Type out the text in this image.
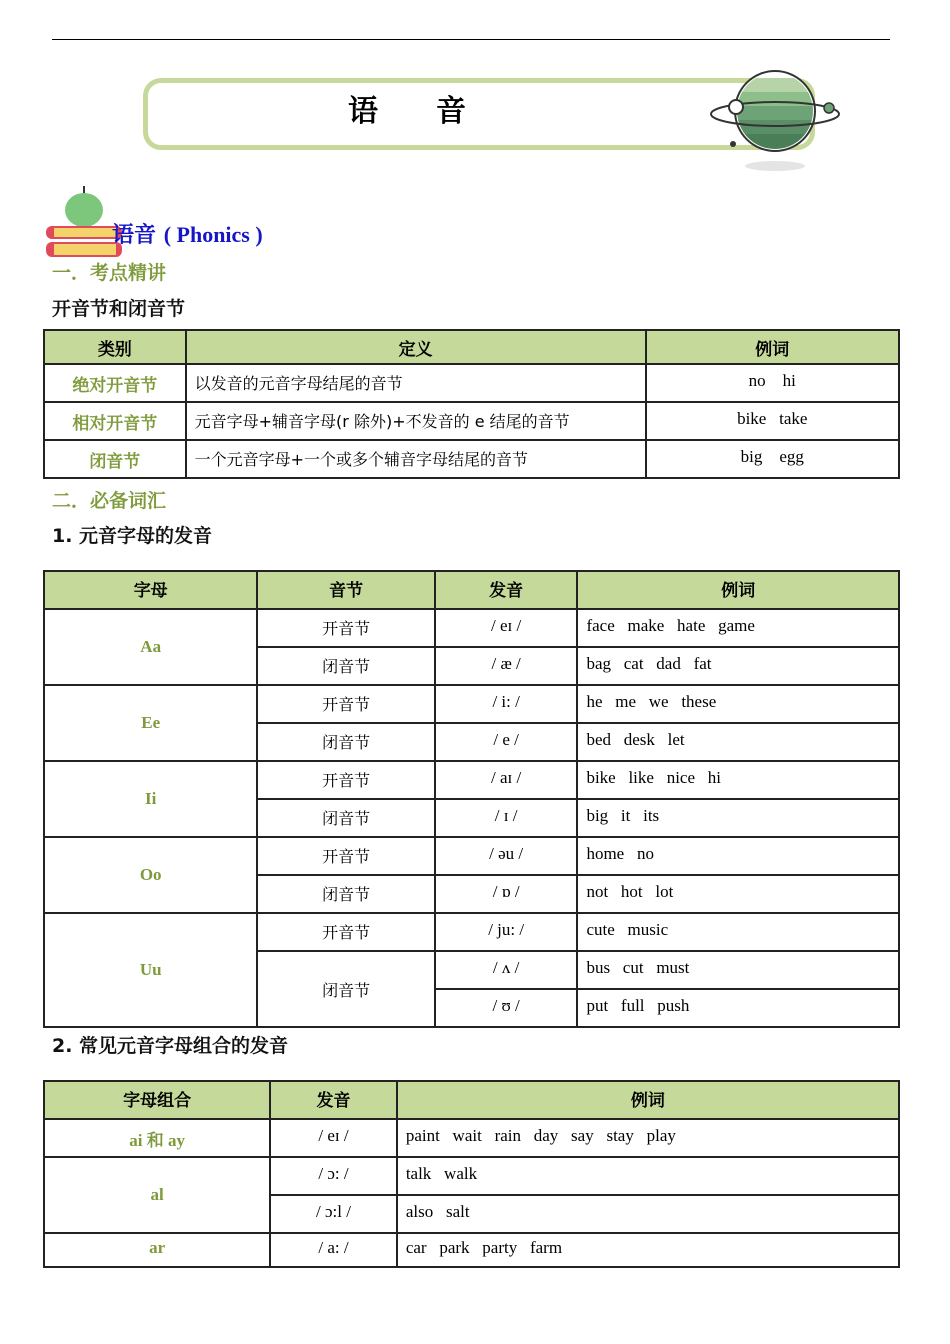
语音
语音 ( Phonics )
一．考点精讲
开音节和闭音节
类别	定义	例词
绝对开音节	以发音的元音字母结尾的音节	no    hi
相对开音节	元音字母+辅音字母(r 除外)+不发音的 e 结尾的音节	bike   take
闭音节	一个元音字母+一个或多个辅音字母结尾的音节	big    egg
二．必备词汇
1. 元音字母的发音
字母	音节	发音	例词
Aa	开音节	/ eɪ /	face   make   hate   game
	闭音节	/ æ /	bag   cat   dad   fat
Ee	开音节	/ i: /	he   me   we   these
	闭音节	/ e /	bed   desk   let
Ii	开音节	/ aɪ /	bike   like   nice   hi
	闭音节	/ ɪ /	big   it   its
Oo	开音节	/ əu /	home   no
	闭音节	/ ɒ /	not   hot   lot
Uu	开音节	/ ju: /	cute   music
	闭音节	/ ʌ /	bus   cut   must
		/ ʊ /	put   full   push
2. 常见元音字母组合的发音
字母组合	发音	例词
ai 和 ay	/ eɪ /	paint   wait   rain   day   say   stay   play
al	/ ɔ: /	talk   walk
	/ ɔ:l /	also   salt
ar	/ a: /	car   park   party   farm
